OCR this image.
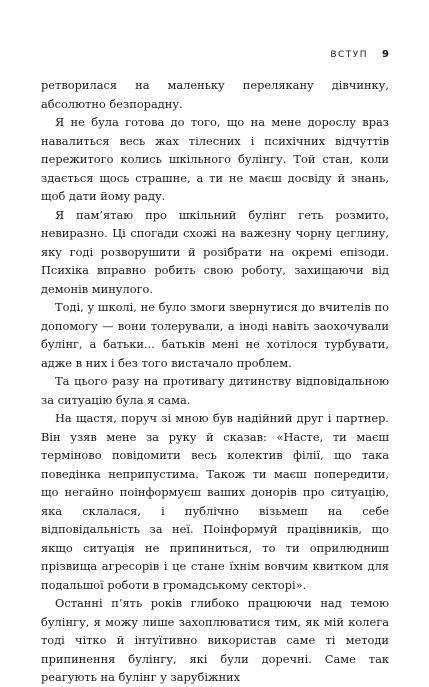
ВСТУП 9

ретворилася на маленьку перелякану дівчинку, абсолютно безпорадну.

Я не була готова до того, що на мене дорослу враз навалиться весь жах тілесних і психічних відчуттів пережитого колись шкільного булінгу. Той стан, коли здається щось страшне, а ти не маєш досвіду й знань, щоб дати йому раду.

Я пам’ятаю про шкільний булінг геть розмито, невиразно. Ці спогади схожі на важезну чорну цеглину, яку годі розворушити й розібрати на окремі епізоди. Психіка вправно робить свою роботу, захищаючи від демонів минулого.

Тоді, у школі, не було змоги звернутися до вчителів по допомогу — вони толерували, а іноді навіть заохочували булінг, а батьки... батьків мені не хотілося турбувати, адже в них і без того вистачало проблем.

Та цього разу на противагу дитинству відповідальною за ситуацію була я сама.

На щастя, поруч зі мною був надійний друг і партнер. Він узяв мене за руку й сказав: «Насте, ти маєш терміново повідомити весь колектив філії, що така поведінка неприпустима. Також ти маєш попередити, що негайно поінформуєш ваших донорів про ситуацію, яка склалася, і публічно візьмеш на себе відповідальність за неї. Поінформуй працівників, що якщо ситуація не припиниться, то ти оприлюдниш прізвища агресорів і це стане їхнім вовчим квитком для подальшої роботи в громадському секторі».

Останні п’ять років глибоко працюючи над темою булінгу, я можу лише захоплюватися тим, як мій колега тоді чітко й інтуїтивно використав саме ті методи припинення булінгу, які були доречні. Саме так реагують на булінг у зарубіжних
